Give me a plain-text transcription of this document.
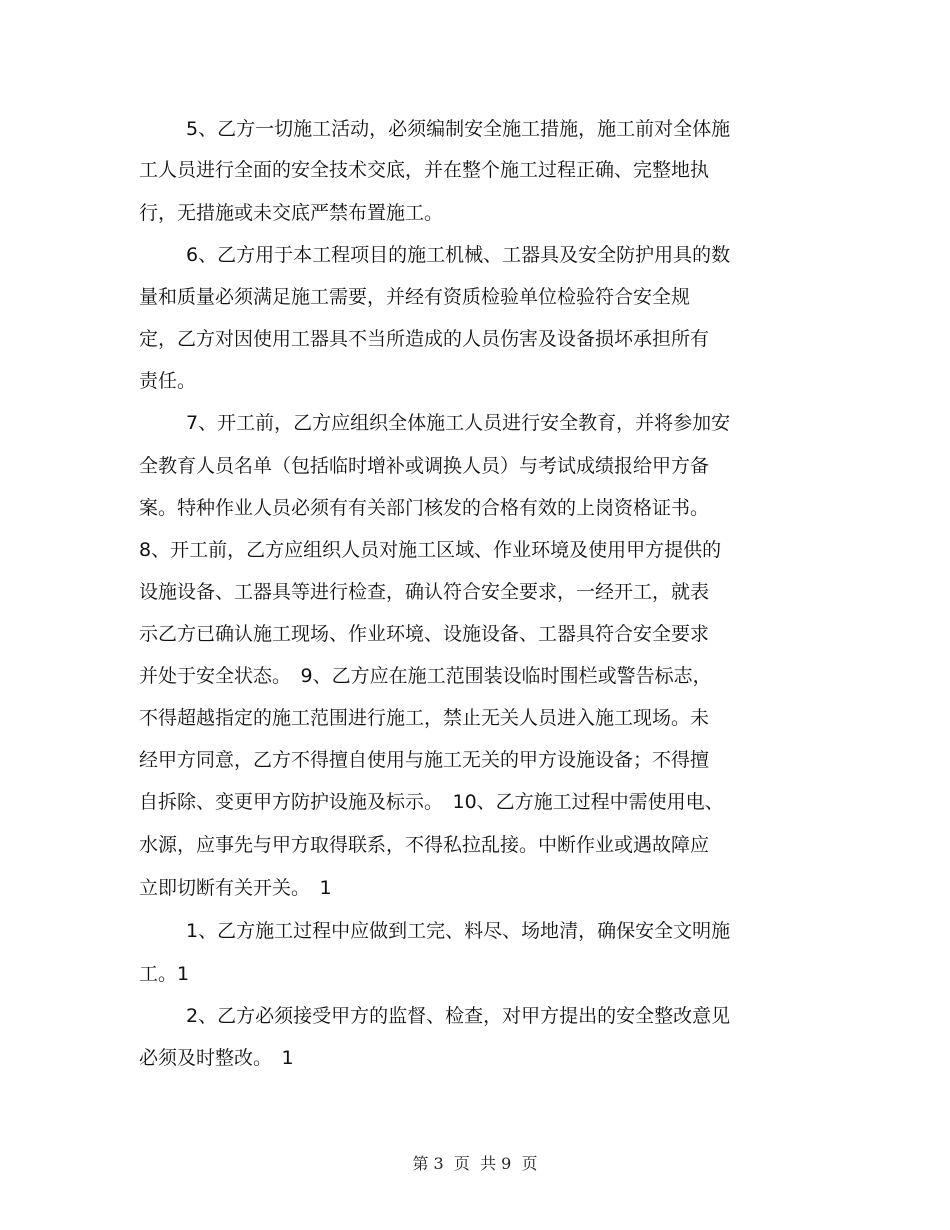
5、乙方一切施工活动，必须编制安全施工措施，施工前对全体施
工人员进行全面的安全技术交底，并在整个施工过程正确、完整地执
行，无措施或未交底严禁布置施工。
6、乙方用于本工程项目的施工机械、工器具及安全防护用具的数
量和质量必须满足施工需要，并经有资质检验单位检验符合安全规
定，乙方对因使用工器具不当所造成的人员伤害及设备损坏承担所有
责任。
7、开工前，乙方应组织全体施工人员进行安全教育，并将参加安
全教育人员名单（包括临时增补或调换人员）与考试成绩报给甲方备
案。特种作业人员必须有有关部门核发的合格有效的上岗资格证书。
8、开工前，乙方应组织人员对施工区域、作业环境及使用甲方提供的
设施设备、工器具等进行检查，确认符合安全要求，一经开工，就表
示乙方已确认施工现场、作业环境、设施设备、工器具符合安全要求
并处于安全状态。　9、乙方应在施工范围装设临时围栏或警告标志，
不得超越指定的施工范围进行施工，禁止无关人员进入施工现场。未
经甲方同意，乙方不得擅自使用与施工无关的甲方设施设备；不得擅
自拆除、变更甲方防护设施及标示。　10、乙方施工过程中需使用电、
水源，应事先与甲方取得联系，不得私拉乱接。中断作业或遇故障应
立即切断有关开关。　1
1、乙方施工过程中应做到工完、料尽、场地清，确保安全文明施
工。1
2、乙方必须接受甲方的监督、检查，对甲方提出的安全整改意见
必须及时整改。　1
第 3  页  共 9  页
